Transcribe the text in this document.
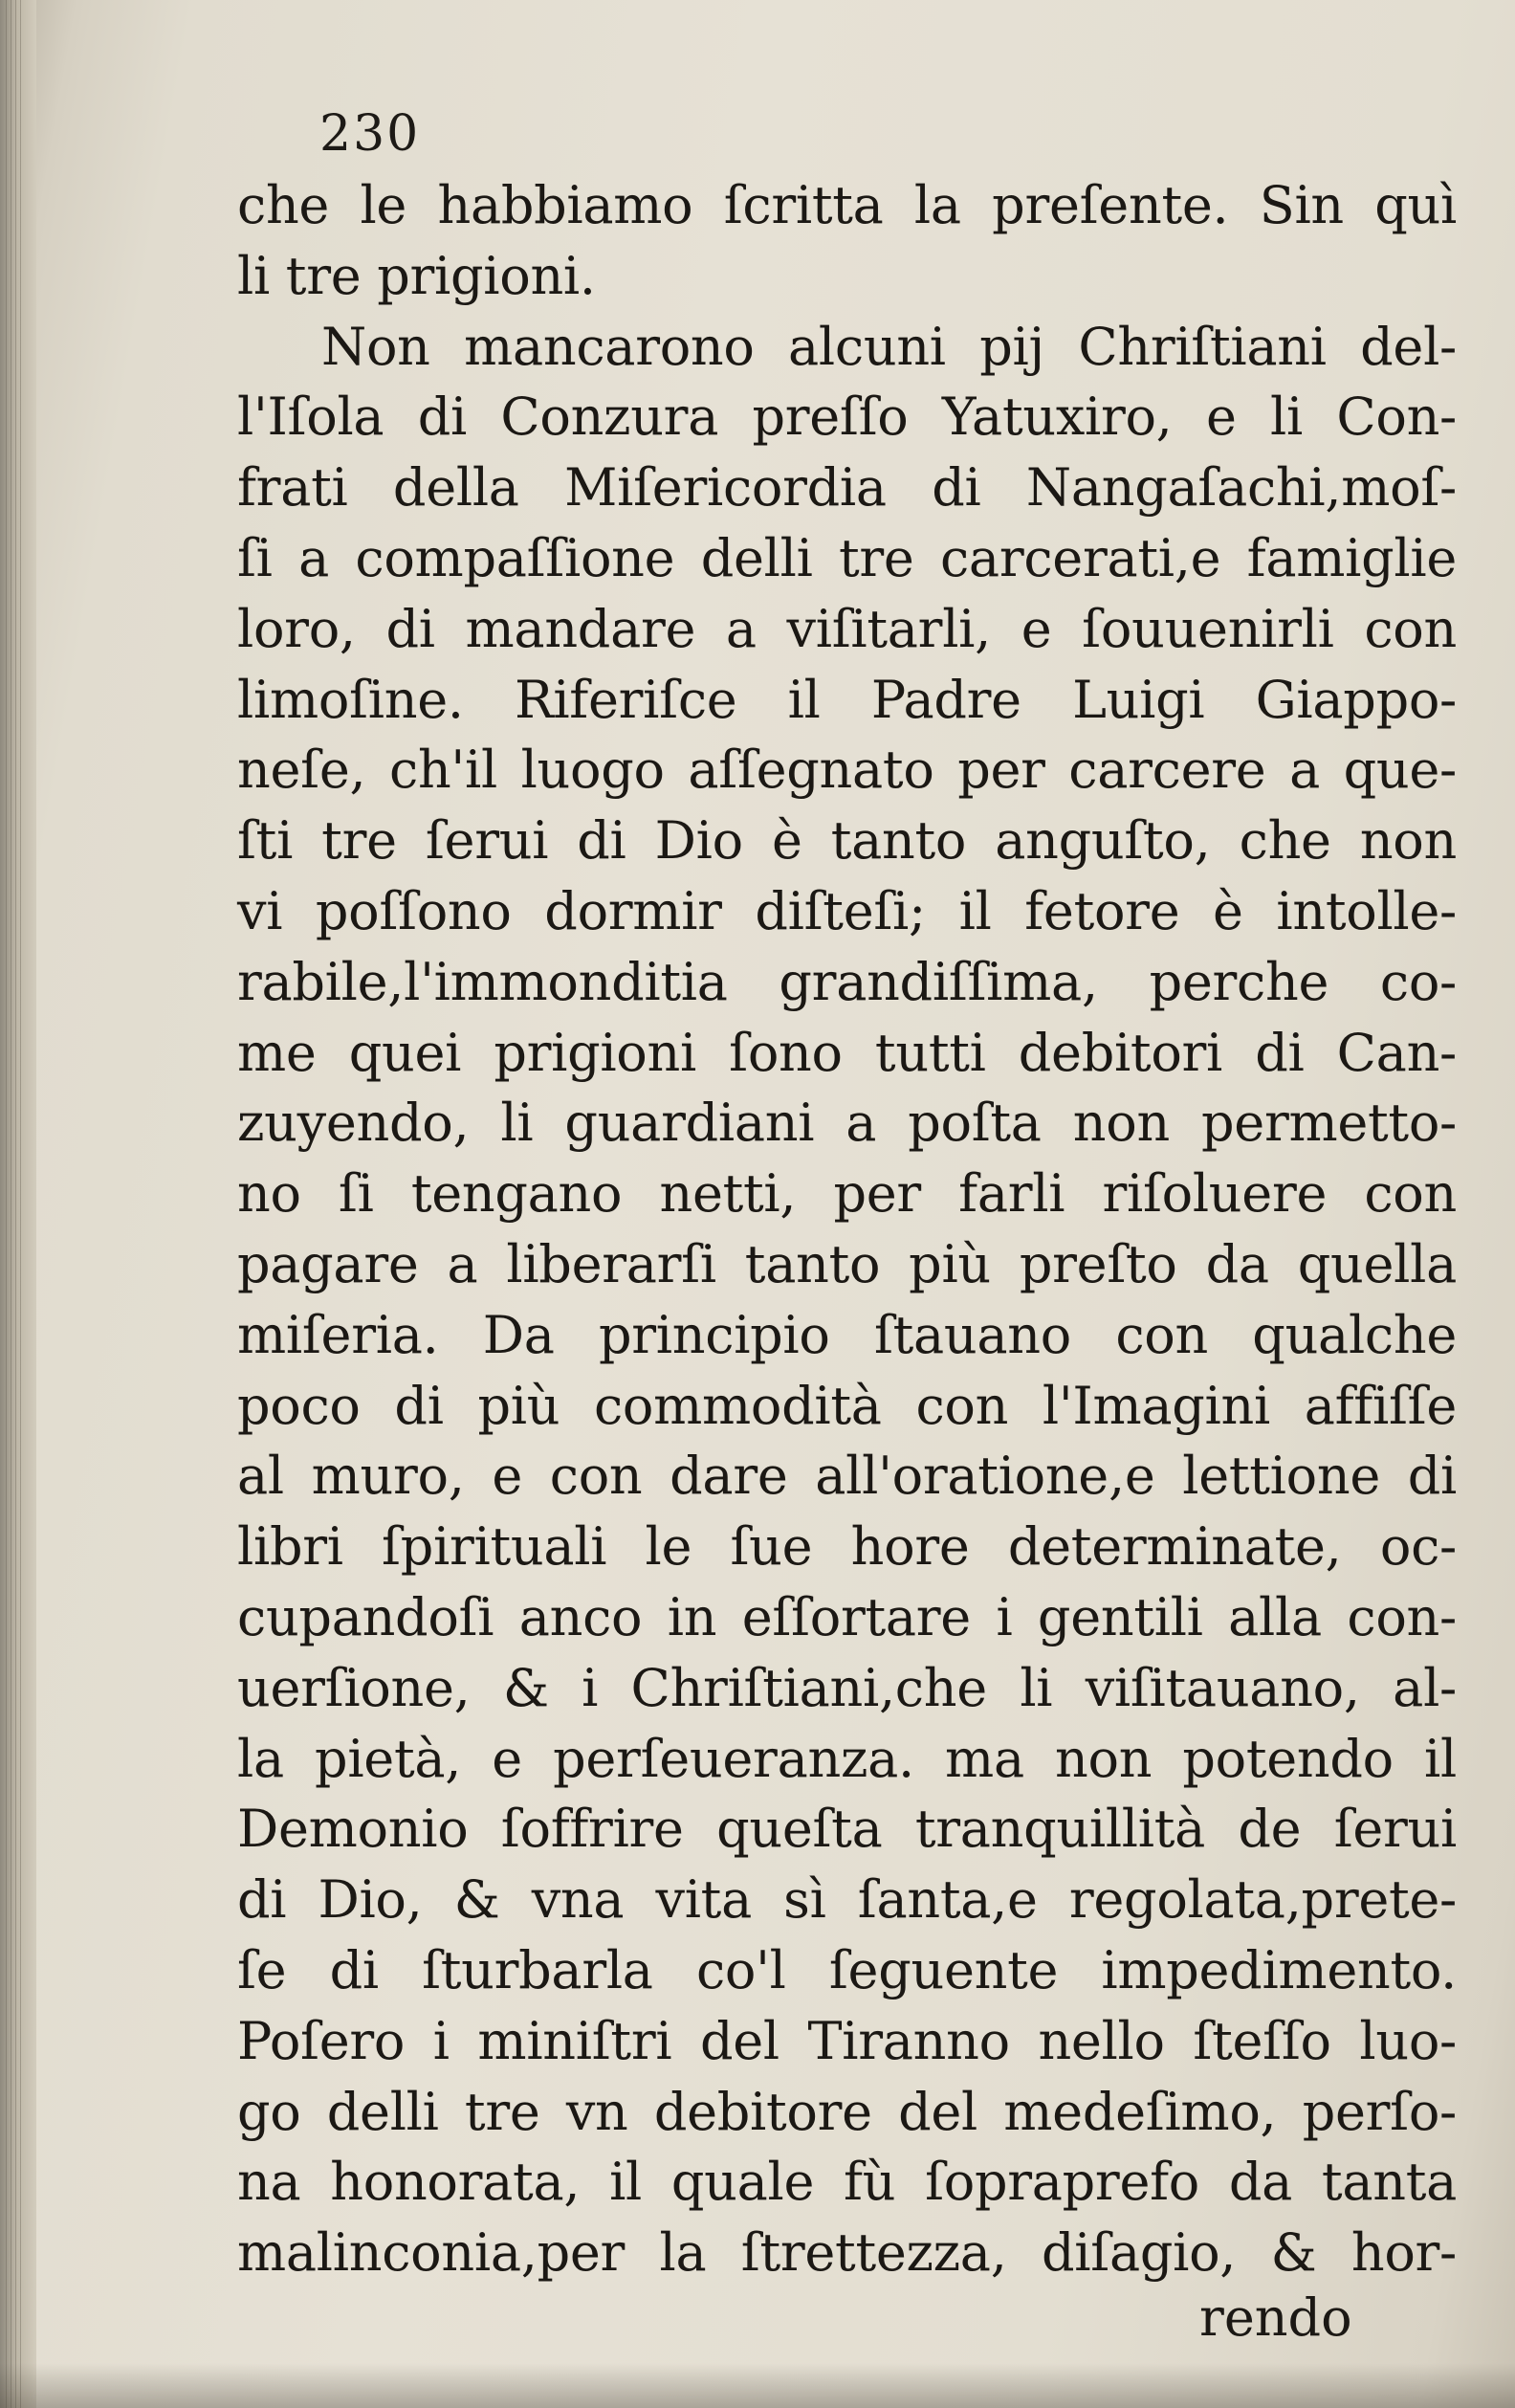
230
che le habbiamo ſcritta la preſente. Sin quì
li tre prigioni.
Non mancarono alcuni pij Chriſtiani del-
l'Iſola di Conzura preſſo Yatuxiro, e li Con-
frati della Miſericordia di Nangaſachi,moſ-
ſi a compaſſione delli tre carcerati,e famiglie
loro, di mandare a viſitarli, e ſouuenirli con
limoſine. Riferiſce il Padre Luigi Giappo-
neſe, ch'il luogo aſſegnato per carcere a que-
ſti tre ſerui di Dio è tanto anguſto, che non
vi poſſono dormir diſteſi; il fetore è intolle-
rabile,l'immonditia grandiſſima, perche co-
me quei prigioni ſono tutti debitori di Can-
zuyendo, li guardiani a poſta non permetto-
no ſi tengano netti, per farli riſoluere con
pagare a liberarſi tanto più preſto da quella
miſeria. Da principio ſtauano con qualche
poco di più commodità con l'Imagini affiſſe
al muro, e con dare all'oratione,e lettione di
libri ſpirituali le ſue hore determinate, oc-
cupandoſi anco in eſſortare i gentili alla con-
uerſione, & i Chriſtiani,che li viſitauano, al-
la pietà, e perſeueranza. ma non potendo il
Demonio ſoffrire queſta tranquillità de ſerui
di Dio, & vna vita sì ſanta,e regolata,prete-
ſe di ſturbarla co'l ſeguente impedimento.
Poſero i miniſtri del Tiranno nello ſteſſo luo-
go delli tre vn debitore del medeſimo, perſo-
na honorata, il quale fù ſopraprefo da tanta
malinconia,per la ſtrettezza, diſagio, & hor-
rendo
